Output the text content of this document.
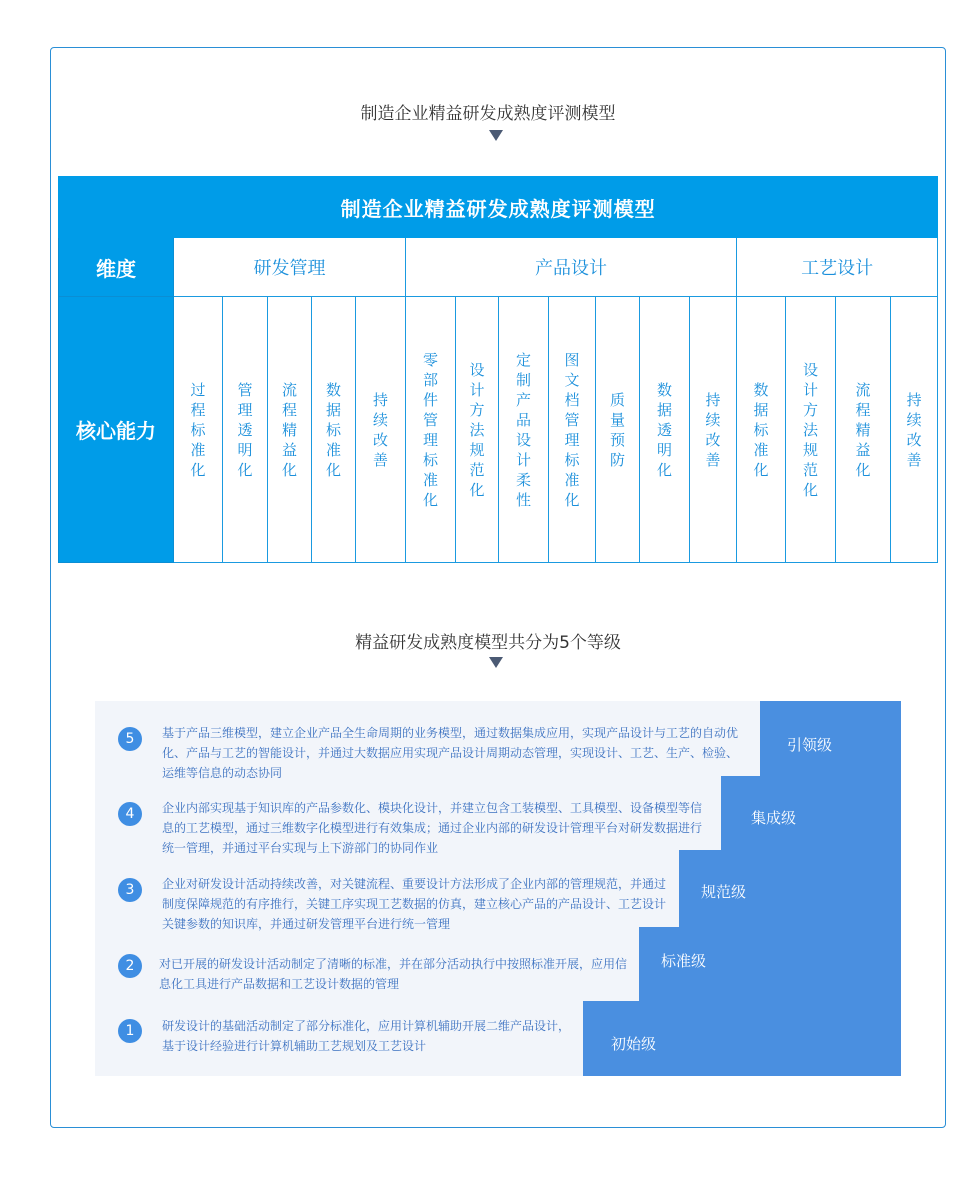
制造企业精益研发成熟度评测模型
制造企业精益研发成熟度评测模型																
维度	研发管理					产品设计							工艺设计			
核心能力	过程标准化	管理透明化	流程精益化	数据标准化	持续改善	零部件管理标准化	设计方法规范化	定制产品设计柔性	图文档管理标准化	质量预防	数据透明化	持续改善	数据标准化	设计方法规范化	流程精益化	持续改善
精益研发成熟度模型共分为5个等级
引领级
集成级
规范级
标准级
初始级
5	基于产品三维模型，建立企业产品全生命周期的业务模型，通过数据集成应用，实现产品设计与工艺的自动优化、产品与工艺的智能设计，并通过大数据应用实现产品设计周期动态管理，实现设计、工艺、生产、检验、运维等信息的动态协同
4	企业内部实现基于知识库的产品参数化、模块化设计，并建立包含工装模型、工具模型、设备模型等信息的工艺模型，通过三维数字化模型进行有效集成；通过企业内部的研发设计管理平台对研发数据进行统一管理，并通过平台实现与上下游部门的协同作业
3	企业对研发设计活动持续改善，对关键流程、重要设计方法形成了企业内部的管理规范，并通过制度保障规范的有序推行，关键工序实现工艺数据的仿真，建立核心产品的产品设计、工艺设计关键参数的知识库，并通过研发管理平台进行统一管理
2	对已开展的研发设计活动制定了清晰的标准，并在部分活动执行中按照标准开展，应用信息化工具进行产品数据和工艺设计数据的管理
1	研发设计的基础活动制定了部分标准化，应用计算机辅助开展二维产品设计，基于设计经验进行计算机辅助工艺规划及工艺设计
